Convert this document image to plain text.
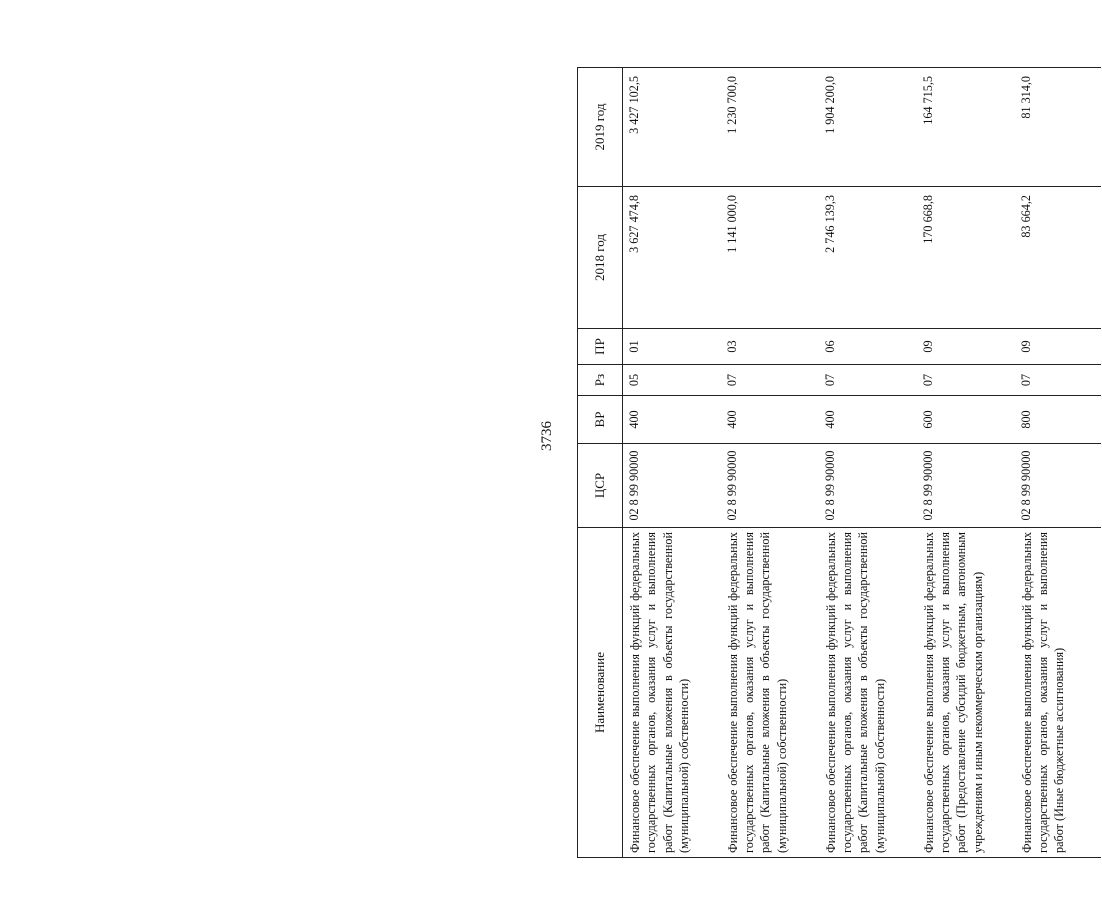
3736
Наименование	ЦСР	ВР	Рз	ПР	2018 год	2019 год
Финансовое обеспечение выполнения функций федеральных государственных органов, оказания услуг и выполнения работ (Капитальные вложения в объекты государственной (муниципальной) собственности)	02 8 99 90000	400	05	01	3 627 474,8	3 427 102,5
Финансовое обеспечение выполнения функций федеральных государственных органов, оказания услуг и выполнения работ (Капитальные вложения в объекты государственной (муниципальной) собственности)	02 8 99 90000	400	07	03	1 141 000,0	1 230 700,0
Финансовое обеспечение выполнения функций федеральных государственных органов, оказания услуг и выполнения работ (Капитальные вложения в объекты государственной (муниципальной) собственности)	02 8 99 90000	400	07	06	2 746 139,3	1 904 200,0
Финансовое обеспечение выполнения функций федеральных государственных органов, оказания услуг и выполнения работ (Предоставление субсидий бюджетным, автономным учреждениям и иным некоммерческим организациям)	02 8 99 90000	600	07	09	170 668,8	164 715,5
Финансовое обеспечение выполнения функций федеральных государственных органов, оказания услуг и выполнения работ (Иные бюджетные ассигнования)	02 8 99 90000	800	07	09	83 664,2	81 314,0
